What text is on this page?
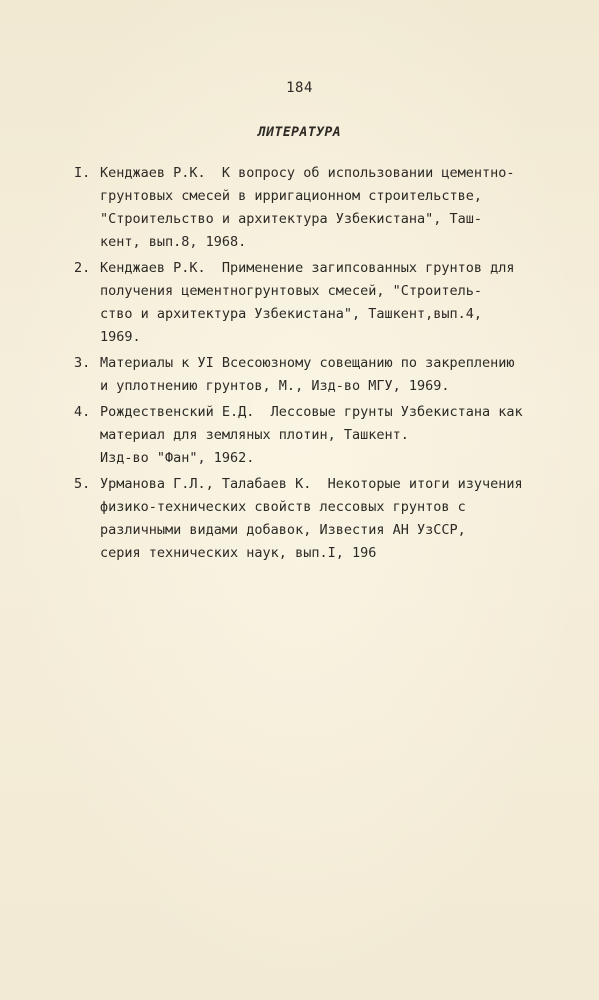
184
ЛИТЕРАТУРА
I. Кенджаев Р.К.  К вопросу об использовании цементно-
грунтовых смесей в ирригационном строительстве,
"Строительство и архитектура Узбекистана", Таш-
кент, вып.8, 1968.
2. Кенджаев Р.К.  Применение загипсованных грунтов для
получения цементногрунтовых смесей, "Строитель-
ство и архитектура Узбекистана", Ташкент,вып.4,
1969.
3. Материалы к УI Всесоюзному совещанию по закреплению
и уплотнению грунтов, М., Изд-во МГУ, 1969.
4. Рождественский Е.Д.  Лессовые грунты Узбекистана как
материал для земляных плотин, Ташкент.
Изд-во "Фан", 1962.
5. Урманова Г.Л., Талабаев К.  Некоторые итоги изучения
физико-технических свойств лессовых грунтов с
различными видами добавок, Известия АН УзССР,
серия технических наук, вып.I, 196
